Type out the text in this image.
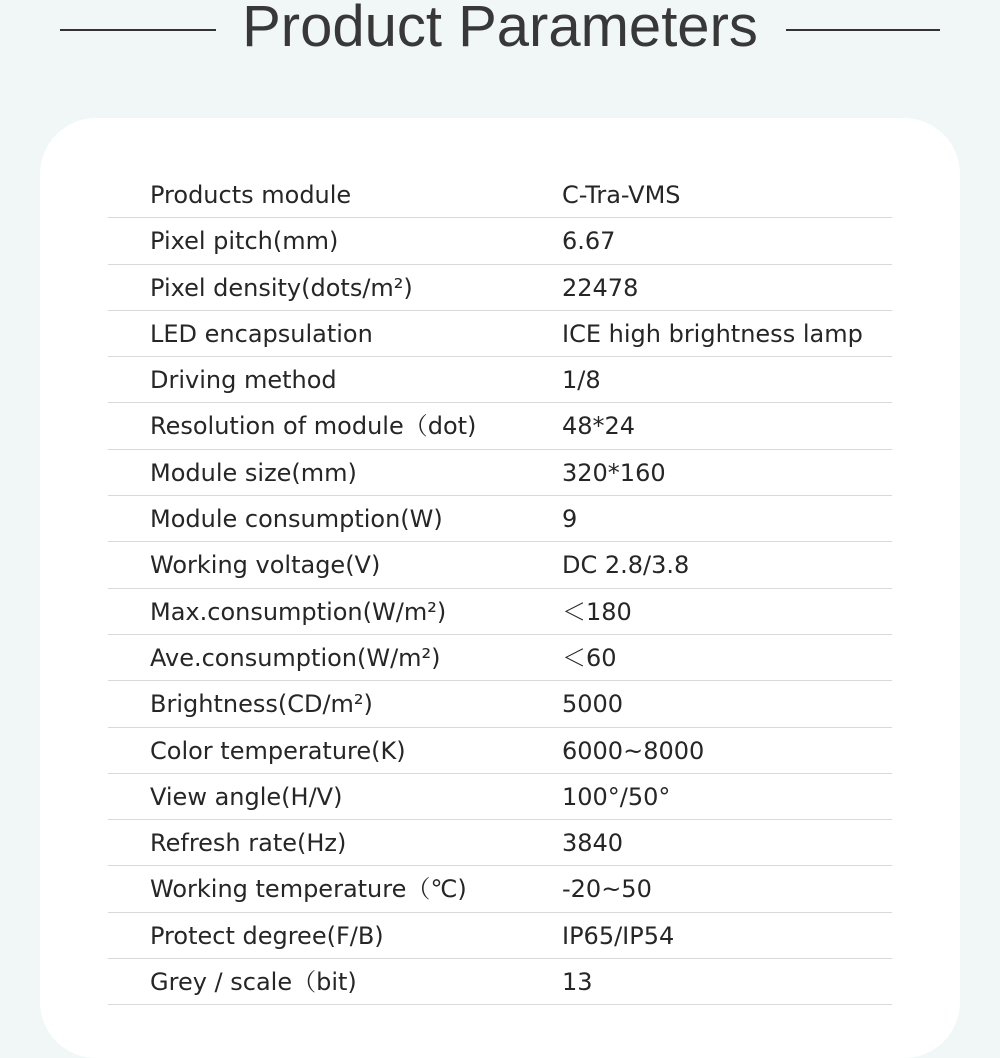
Product Parameters
Products module	C-Tra-VMS
Pixel pitch(mm)	6.67
Pixel density(dots/m²)	22478
LED encapsulation	ICE high brightness lamp
Driving method	1/8
Resolution of module（dot)	48*24
Module size(mm)	320*160
Module consumption(W)	9
Working voltage(V)	DC 2.8/3.8
Max.consumption(W/m²)	＜180
Ave.consumption(W/m²)	＜60
Brightness(CD/m²)	5000
Color temperature(K)	6000~8000
View angle(H/V)	100°/50°
Refresh rate(Hz)	3840
Working temperature（℃)	-20~50
Protect degree(F/B)	IP65/IP54
Grey / scale（bit)	13
